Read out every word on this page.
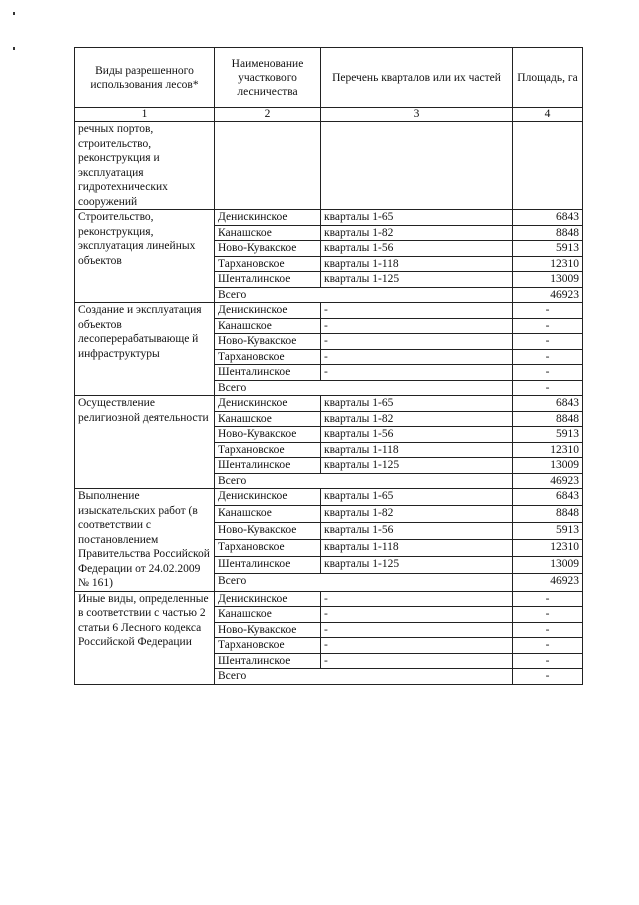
Виды разрешенного использования лесов*	Наименование участкового лесничества	Перечень кварталов или их частей	Площадь, га
1	2	3	4
речных портов, строительство, реконструкция и эксплуатация гидротехнических сооружений			
Строительство, реконструкция, эксплуатация линейных объектов	Денискинское	кварталы 1-65	6843
	Канашское	кварталы 1-82	8848
	Ново-Кувакское	кварталы 1-56	5913
	Тархановское	кварталы 1-118	12310
	Шенталинское	кварталы 1-125	13009
	Всего		46923
Создание и эксплуатация объектов лесоперерабатывающе й инфраструктуры	Денискинское	-	-
	Канашское	-	-
	Ново-Кувакское	-	-
	Тархановское	-	-
	Шенталинское	-	-
	Всего		-
Осуществление религиозной деятельности	Денискинское	кварталы 1-65	6843
	Канашское	кварталы 1-82	8848
	Ново-Кувакское	кварталы 1-56	5913
	Тархановское	кварталы 1-118	12310
	Шенталинское	кварталы 1-125	13009
	Всего		46923
Выполнение изыскательских работ (в соответствии с постановлением Правительства Российской Федерации от 24.02.2009 № 161)	Денискинское	кварталы 1-65	6843
	Канашское	кварталы 1-82	8848
	Ново-Кувакское	кварталы 1-56	5913
	Тархановское	кварталы 1-118	12310
	Шенталинское	кварталы 1-125	13009
	Всего		46923
Иные виды, определенные в соответствии с частью 2 статьи 6 Лесного кодекса Российской Федерации	Денискинское	-	-
	Канашское	-	-
	Ново-Кувакское	-	-
	Тархановское	-	-
	Шенталинское	-	-
	Всего		-
